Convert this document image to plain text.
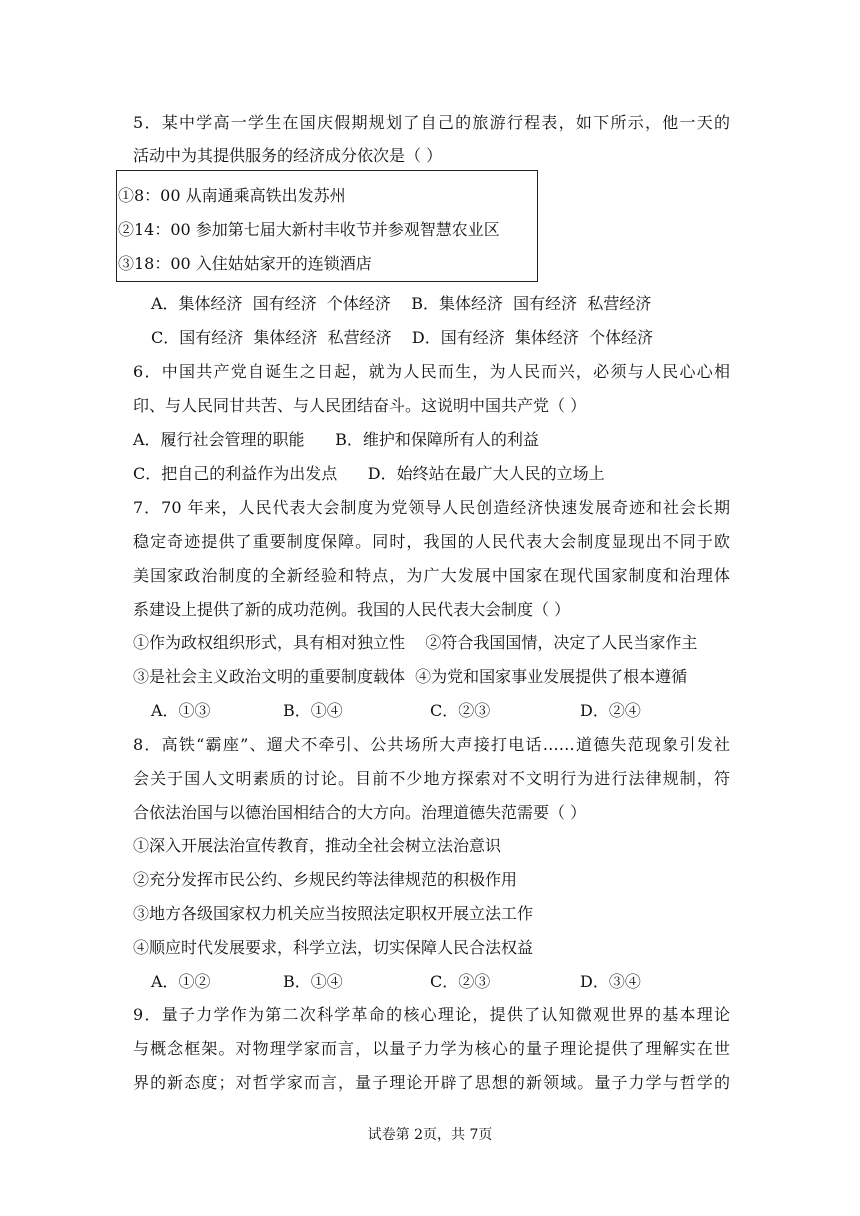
5．某中学高一学生在国庆假期规划了自己的旅游行程表，如下所示，他一天的
活动中为其提供服务的经济成分依次是（ ）
①8：00 从南通乘高铁出发苏州
②14：00 参加第七届大新村丰收节并参观智慧农业区
③18：00 入住姑姑家开的连锁酒店
A．集体经济  国有经济  个体经济    B．集体经济  国有经济  私营经济
C．国有经济  集体经济  私营经济    D．国有经济  集体经济  个体经济
6．中国共产党自诞生之日起，就为人民而生，为人民而兴，必须与人民心心相
印、与人民同甘共苦、与人民团结奋斗。这说明中国共产党（ ）
A．履行社会管理的职能      B．维护和保障所有人的利益
C．把自己的利益作为出发点      D．始终站在最广大人民的立场上
7．70 年来，人民代表大会制度为党领导人民创造经济快速发展奇迹和社会长期
稳定奇迹提供了重要制度保障。同时，我国的人民代表大会制度显现出不同于欧
美国家政治制度的全新经验和特点，为广大发展中国家在现代国家制度和治理体
系建设上提供了新的成功范例。我国的人民代表大会制度（ ）
①作为政权组织形式，具有相对独立性    ②符合我国国情，决定了人民当家作主
③是社会主义政治文明的重要制度载体  ④为党和国家事业发展提供了根本遵循
A．①③	B．①④	C．②③	D．②④
8．高铁“霸座”、遛犬不牵引、公共场所大声接打电话……道德失范现象引发社
会关于国人文明素质的讨论。目前不少地方探索对不文明行为进行法律规制，符
合依法治国与以德治国相结合的大方向。治理道德失范需要（ ）
①深入开展法治宣传教育，推动全社会树立法治意识
②充分发挥市民公约、乡规民约等法律规范的积极作用
③地方各级国家权力机关应当按照法定职权开展立法工作
④顺应时代发展要求，科学立法，切实保障人民合法权益
A．①②	B．①④	C．②③	D．③④
9．量子力学作为第二次科学革命的核心理论，提供了认知微观世界的基本理论
与概念框架。对物理学家而言，以量子力学为核心的量子理论提供了理解实在世
界的新态度；对哲学家而言，量子理论开辟了思想的新领域。量子力学与哲学的
试卷第 2页，共 7页
